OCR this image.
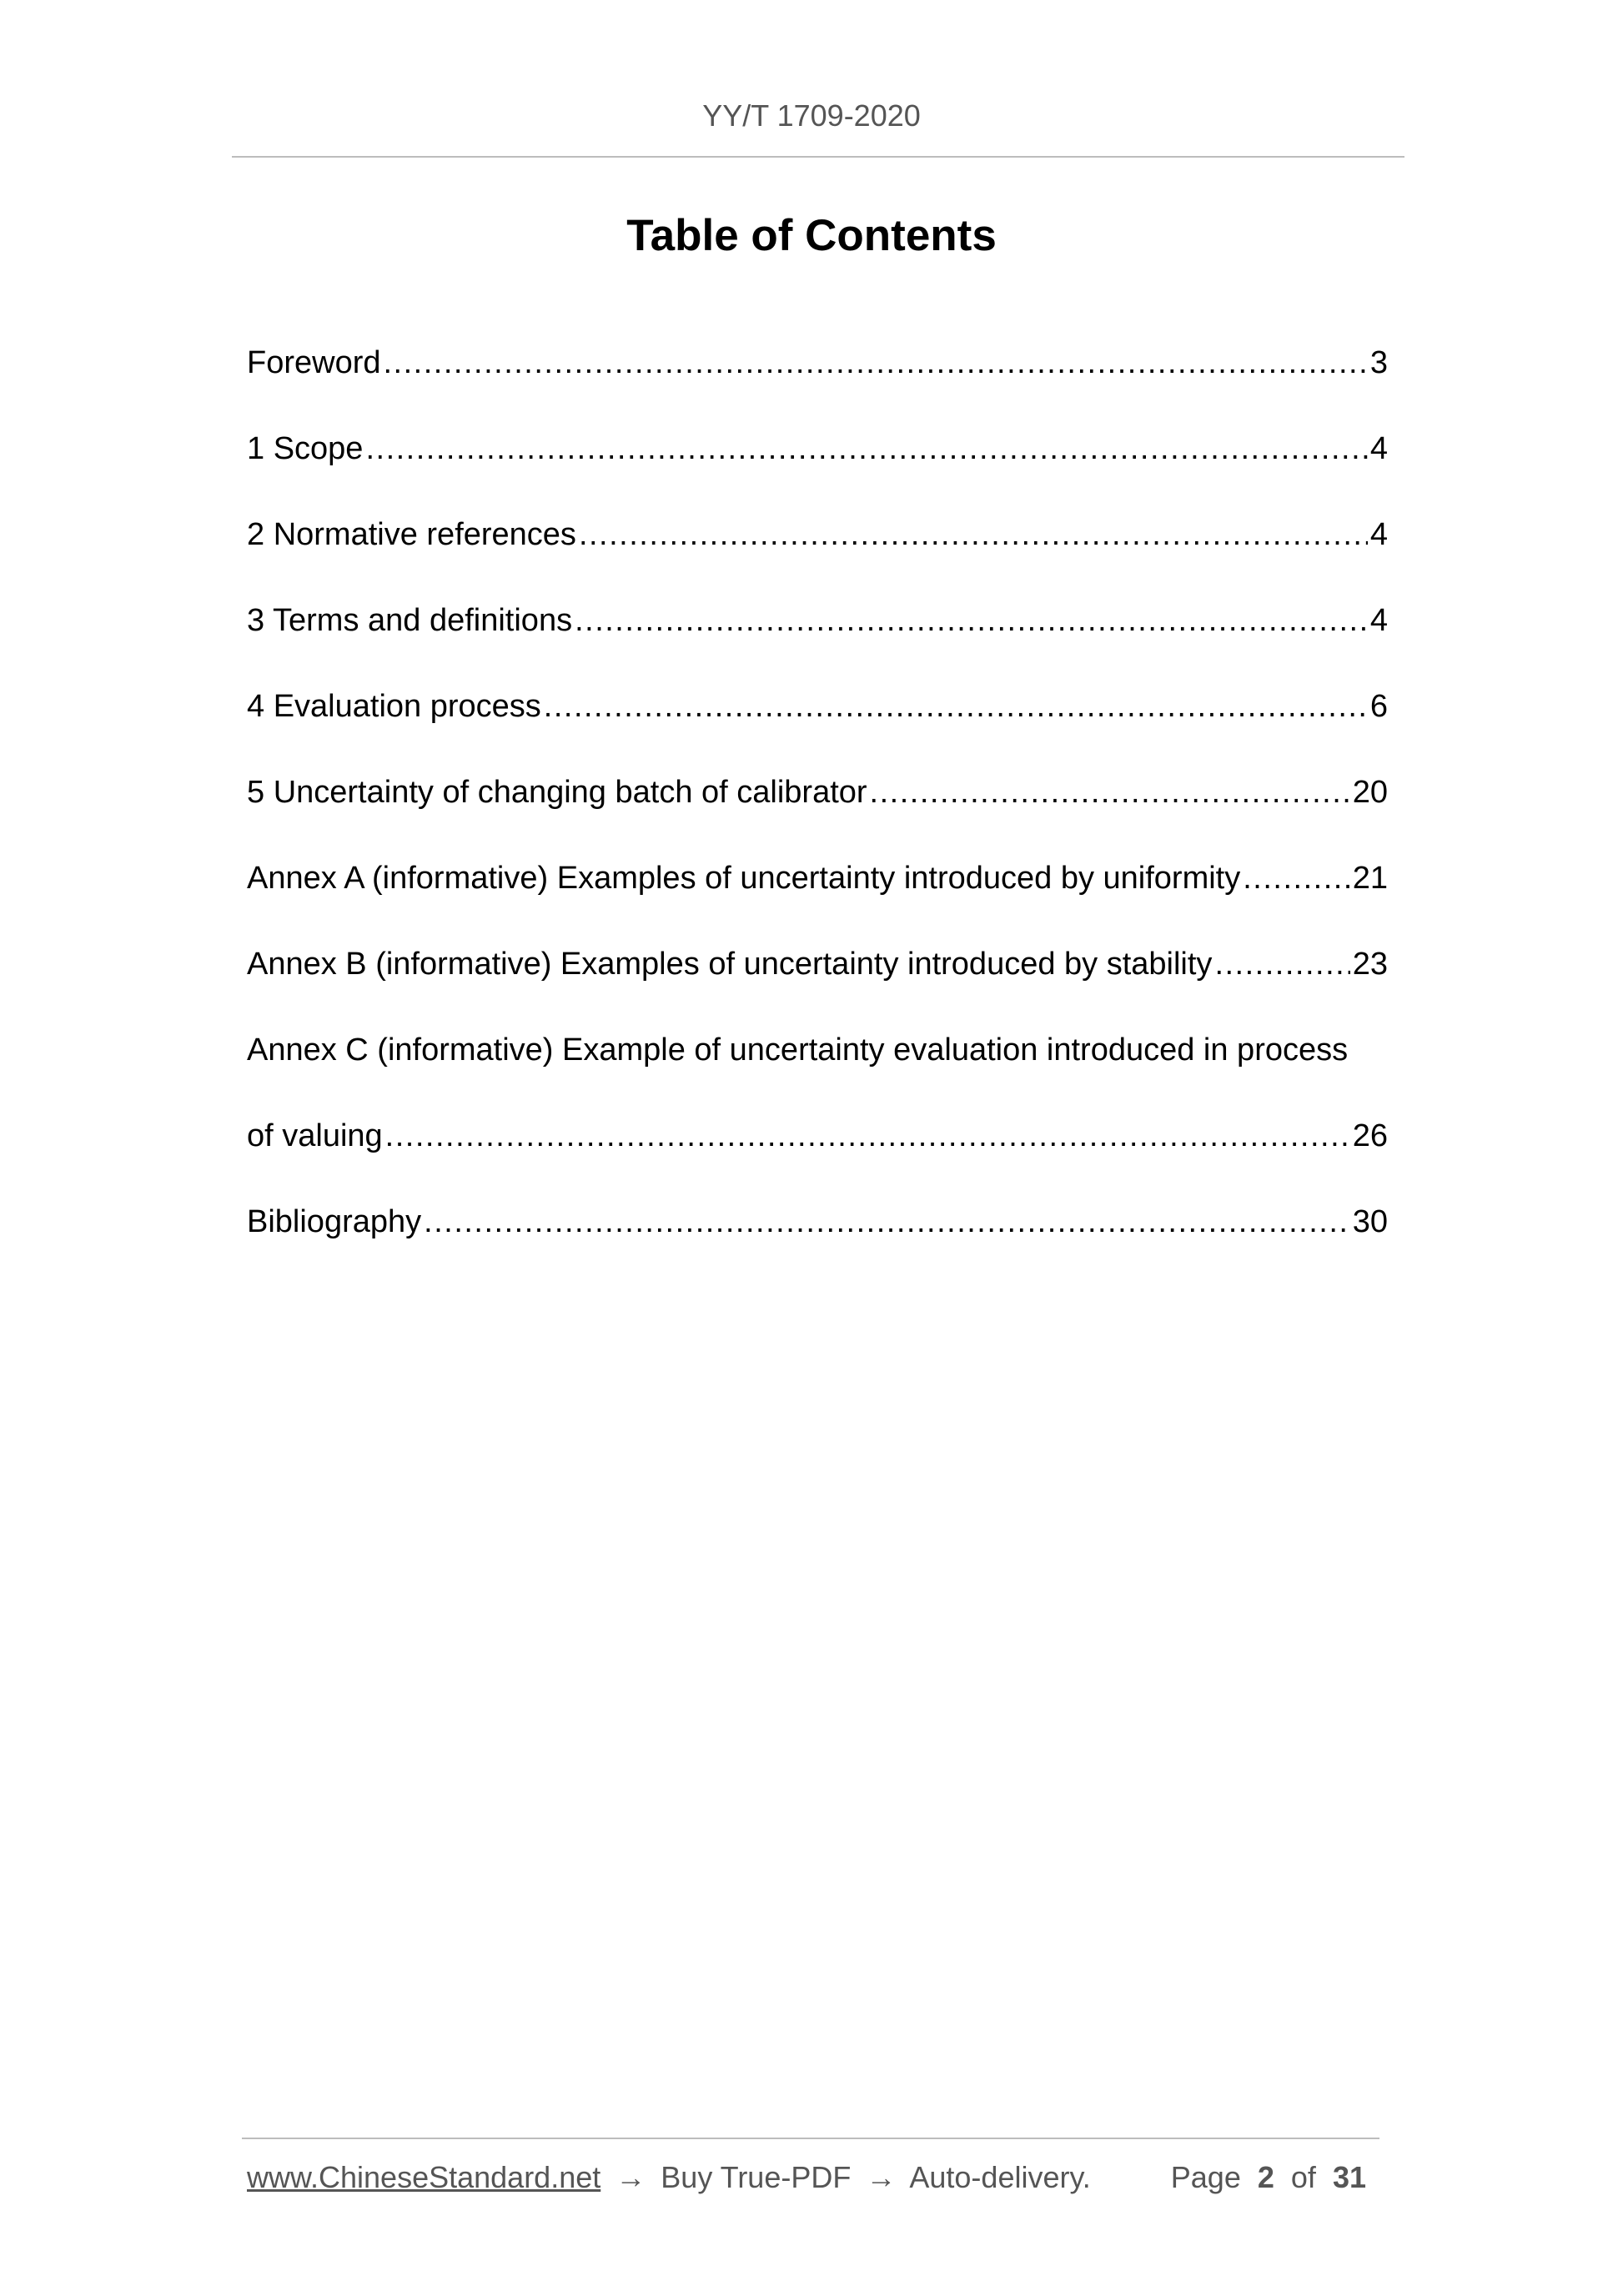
YY/T 1709-2020
Table of Contents
Foreword .....	3
1 Scope .....	4
2 Normative references .....	4
3 Terms and definitions .....	4
4 Evaluation process .....	6
5 Uncertainty of changing batch of calibrator .....	20
Annex A (informative) Examples of uncertainty introduced by uniformity .....	21
Annex B (informative) Examples of uncertainty introduced by stability .....	23
Annex C (informative) Example of uncertainty evaluation introduced in process
of valuing .....	26
Bibliography .....	30
www.ChineseStandard.net → Buy True-PDF → Auto-delivery.	Page 2 of 31
